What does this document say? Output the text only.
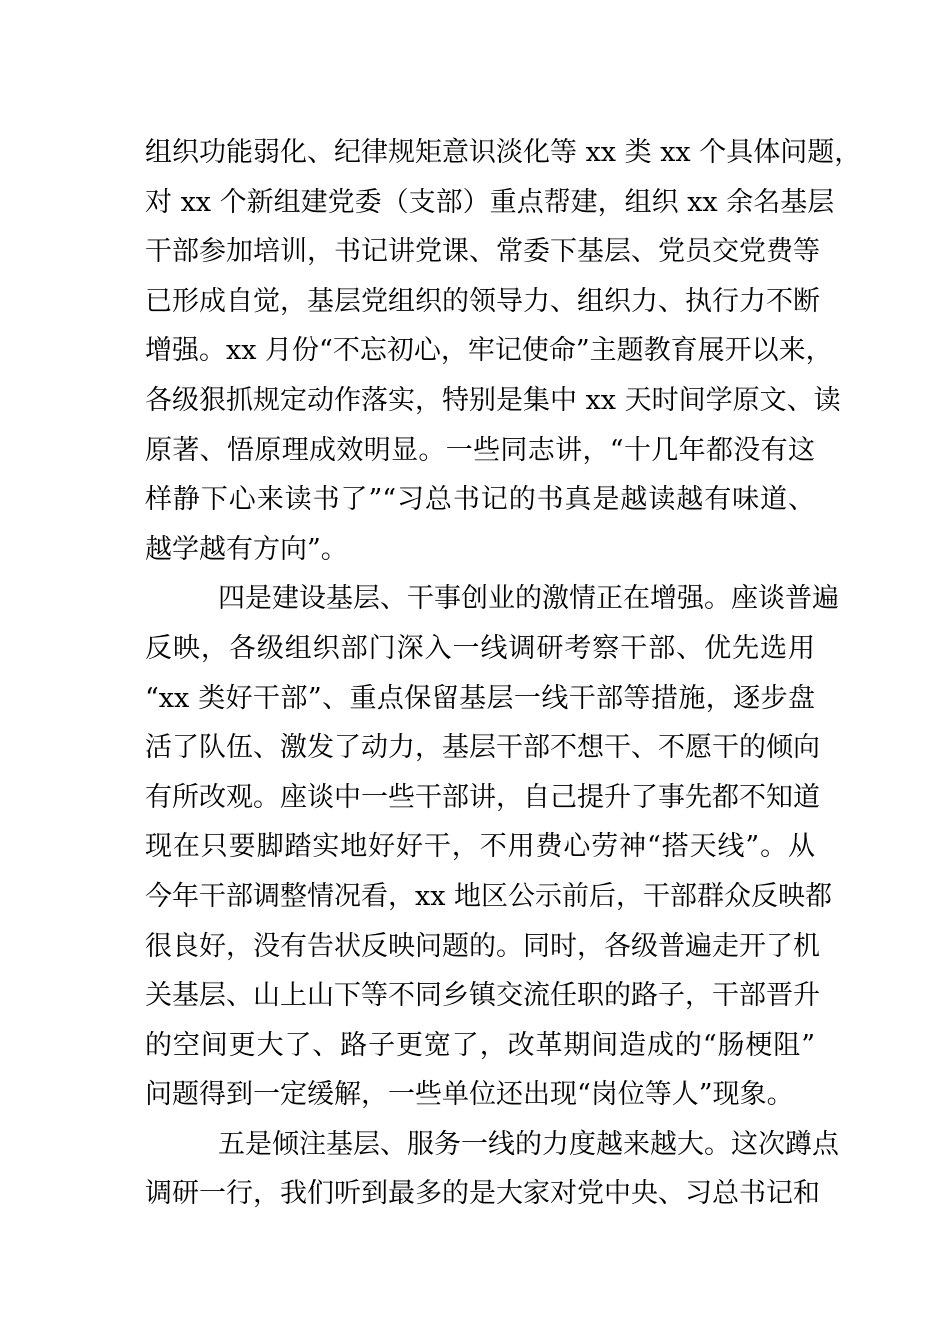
组织功能弱化、纪律规矩意识淡化等 xx 类 xx 个具体问题，
对 xx 个新组建党委（支部）重点帮建，组织 xx 余名基层
干部参加培训，书记讲党课、常委下基层、党员交党费等
已形成自觉，基层党组织的领导力、组织力、执行力不断
增强。xx 月份“不忘初心，牢记使命”主题教育展开以来，
各级狠抓规定动作落实，特别是集中 xx 天时间学原文、读
原著、悟原理成效明显。一些同志讲，“十几年都没有这
样静下心来读书了”“习总书记的书真是越读越有味道、
越学越有方向”。
四是建设基层、干事创业的激情正在增强。座谈普遍
反映，各级组织部门深入一线调研考察干部、优先选用
“xx 类好干部”、重点保留基层一线干部等措施，逐步盘
活了队伍、激发了动力，基层干部不想干、不愿干的倾向
有所改观。座谈中一些干部讲，自己提升了事先都不知道
现在只要脚踏实地好好干，不用费心劳神“搭天线”。从
今年干部调整情况看，xx 地区公示前后，干部群众反映都
很良好，没有告状反映问题的。同时，各级普遍走开了机
关基层、山上山下等不同乡镇交流任职的路子，干部晋升
的空间更大了、路子更宽了，改革期间造成的“肠梗阻”
问题得到一定缓解，一些单位还出现“岗位等人”现象。
五是倾注基层、服务一线的力度越来越大。这次蹲点
调研一行，我们听到最多的是大家对党中央、习总书记和
